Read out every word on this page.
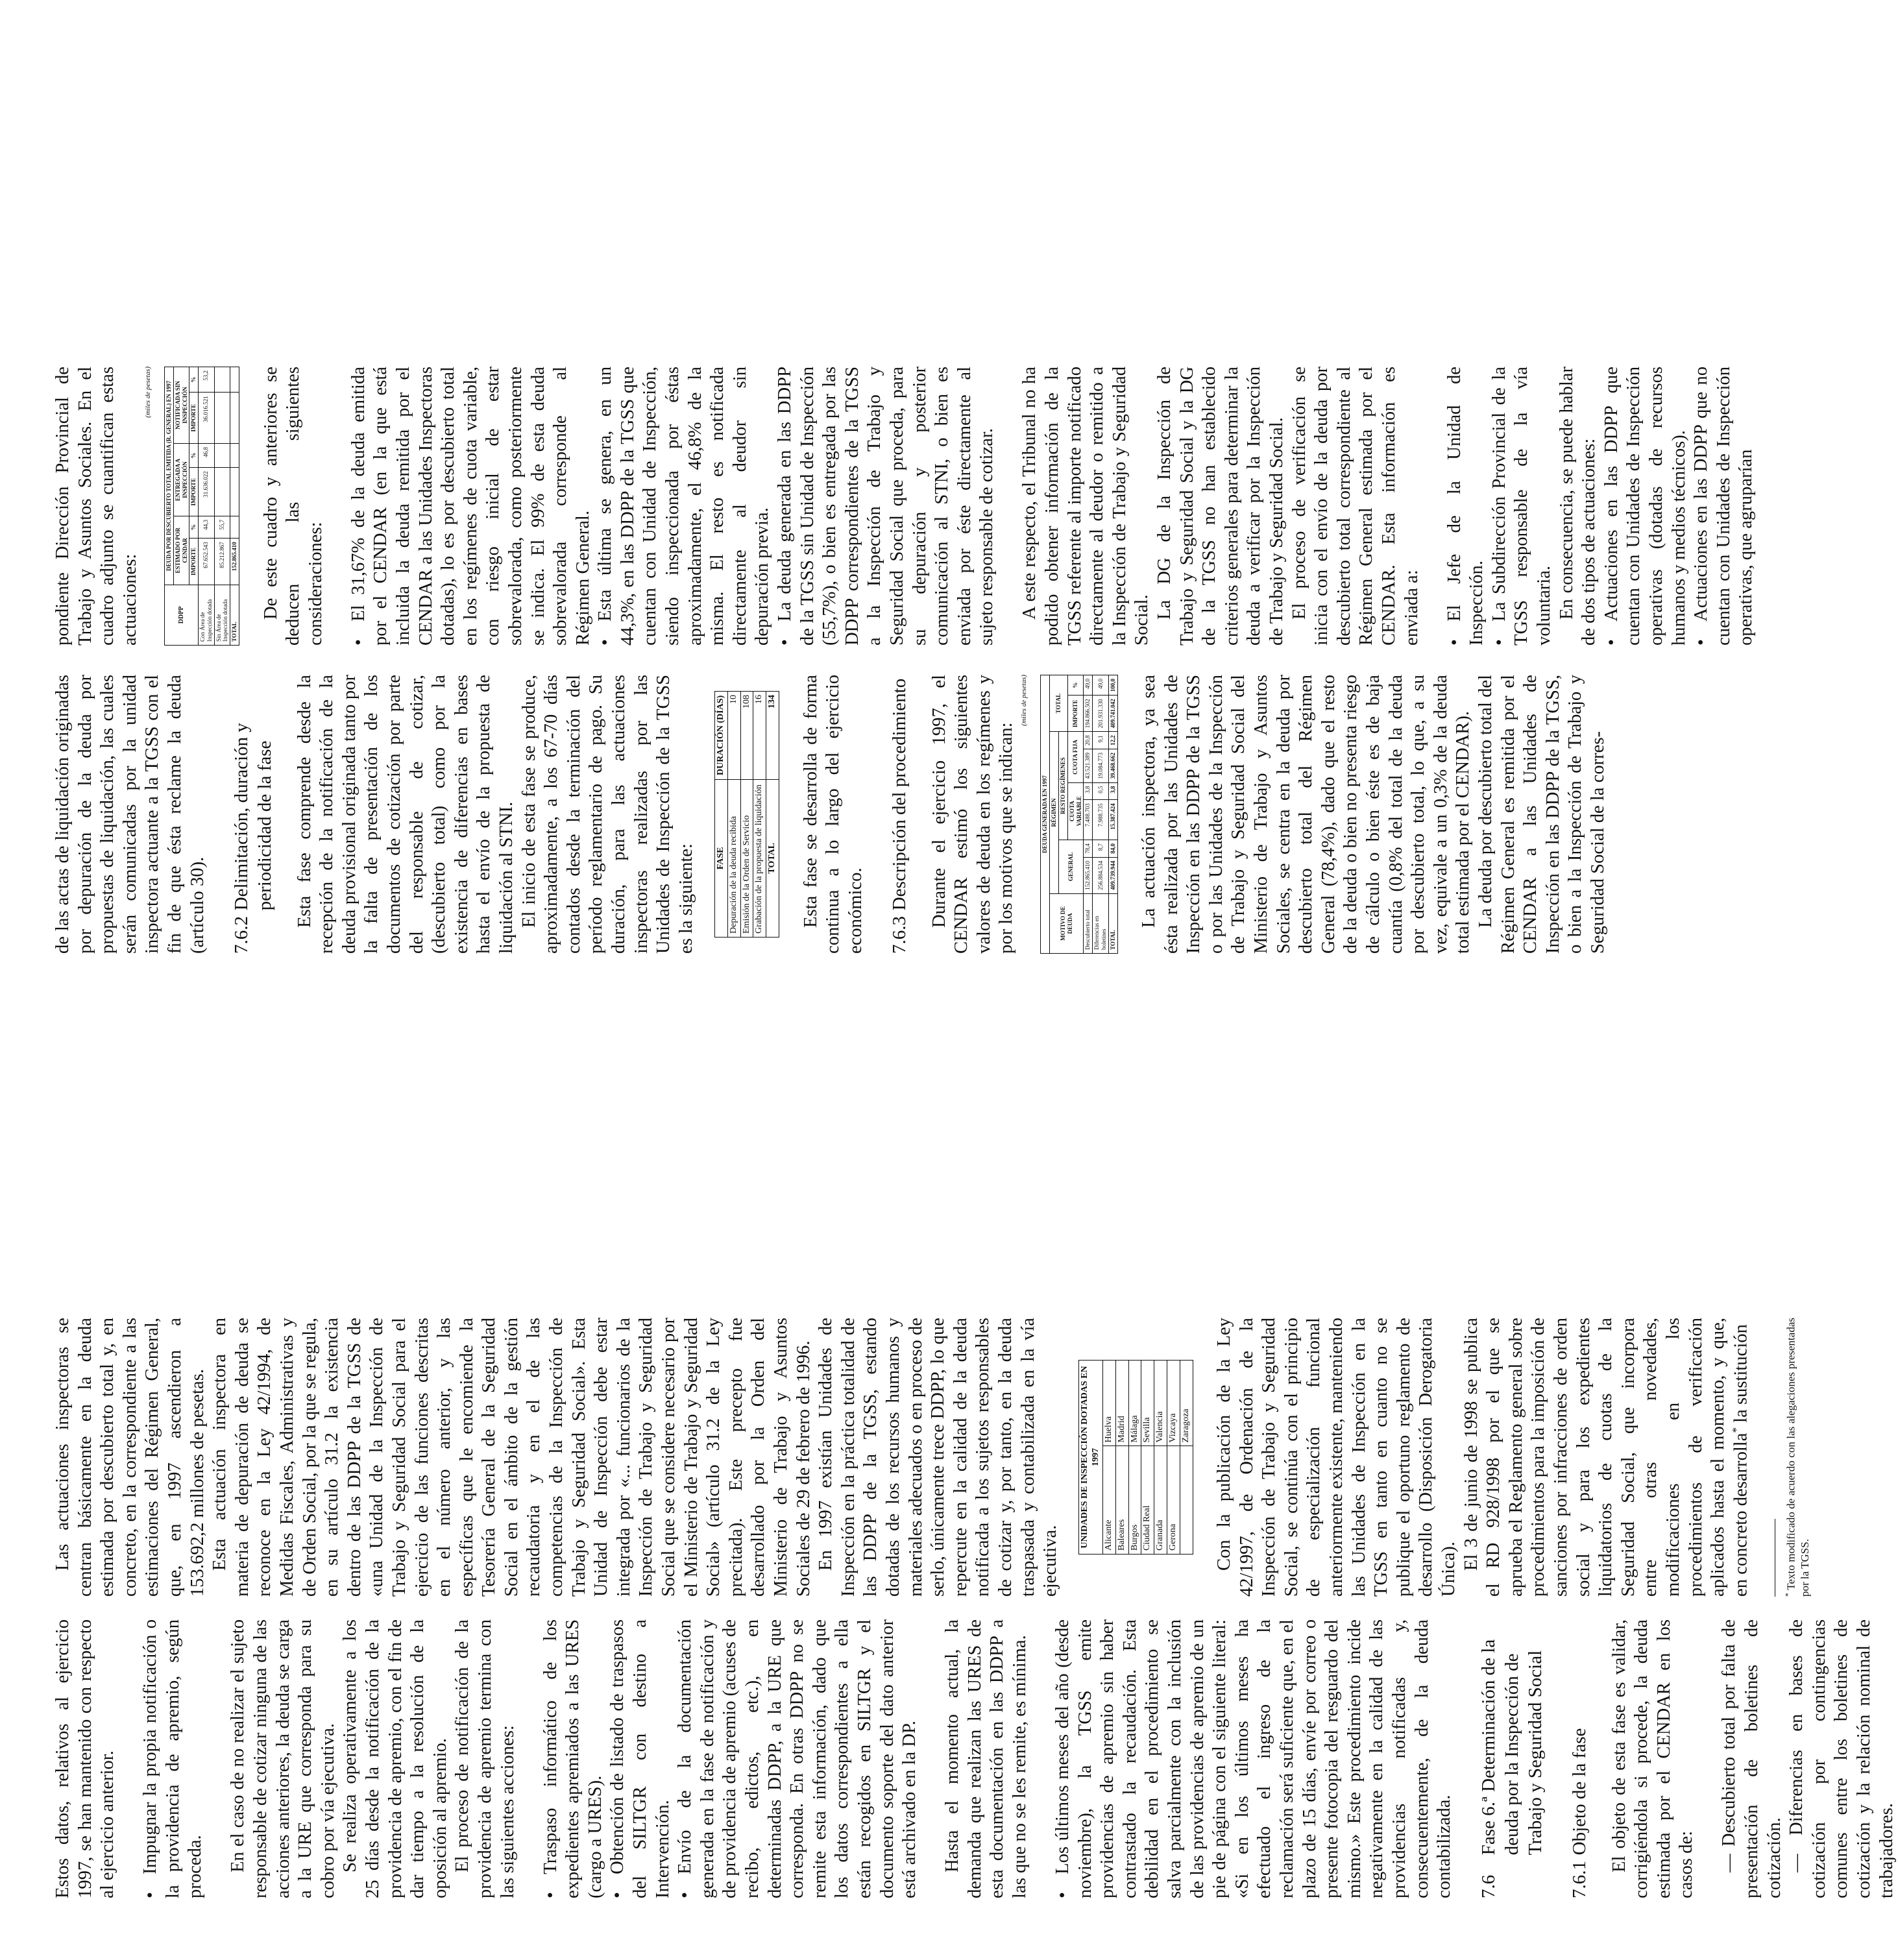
Estos datos, relativos al ejercicio 1997, se han mantenido con respecto al ejercicio anterior. •Impugnar la propia notificación o la providencia de apremio, según proceda. En el caso de no realizar el sujeto responsable de cotizar ninguna de las acciones anteriores, la deuda se carga a la URE que corresponda para su cobro por vía ejecutiva. Se realiza operativamente a los 25 días desde la notificación de la providencia de apremio, con el fin de dar tiempo a la resolución de la oposición al apremio. El proceso de notificación de la providencia de apremio termina con las siguientes acciones: •Traspaso informático de los expedientes apremiados a las URES (cargo a URES). •Obtención de listado de traspasos del SILTGR con destino a Intervención. •Envío de la documentación generada en la fase de notificación y de providencia de apremio (acuses de recibo, edictos, etc.), en determinadas DDPP, a la URE que corresponda. En otras DDPP no se remite esta información, dado que los datos correspondientes a ella están recogidos en SILTGR y el documento soporte del dato anterior está archivado en la DP. Hasta el momento actual, la demanda que realizan las URES de esta documentación en las DDPP a las que no se les remite, es mínima. •Los últimos meses del año (desde noviembre), la TGSS emite providencias de apremio sin haber contrastado la recaudación. Esta debilidad en el procedimiento se salva parcialmente con la inclusión de las providencias de apremio de un pie de página con el siguiente literal: «Si en los últimos meses ha efectuado el ingreso de la reclamación será suficiente que, en el plazo de 15 días, envíe por correo o presente fotocopia del resguardo del mismo.» Este procedimiento incide negativamente en la calidad de las providencias notificadas y, consecuentemente, de la deuda contabilizada. 7.6
Fase 6.ª Determinación de la deuda por la Inspección de Trabajo y Seguridad Social
7.6.1
Objeto de la fase El objeto de esta fase es validar, corrigiéndola si procede, la deuda estimada por el CENDAR en los casos de: — Descubierto total por falta de presentación de boletines de cotización. — Diferencias en bases de cotización por contingencias comunes entre los boletines de cotización y la relación nominal de trabajadores.

Las actuaciones inspectoras se centran básicamente en la deuda estimada por descubierto total y, en concreto, en la correspondiente a las estimaciones del Régimen General, que, en 1997 ascendieron a 153.692,2 millones de pesetas. Esta actuación inspectora en materia de depuración de deuda se reconoce en la Ley 42/1994, de Medidas Fiscales, Administrativas y de Orden Social, por la que se regula, en su artículo 31.2 la existencia dentro de las DDPP de la TGSS de «una Unidad de la Inspección de Trabajo y Seguridad Social para el ejercicio de las funciones descritas en el número anterior, y las específicas que le encomiende la Tesorería General de la Seguridad Social en el ámbito de la gestión recaudatoria y en el de las competencias de la Inspección de Trabajo y Seguridad Social». Esta Unidad de Inspección debe estar integrada por «... funcionarios de la Inspección de Trabajo y Seguridad Social que se considere necesario por el Ministerio de Trabajo y Seguridad Social» (artículo 31.2 de la Ley precitada). Este precepto fue desarrollado por la Orden del Ministerio de Trabajo y Asuntos Sociales de 29 de febrero de 1996. En 1997 existían Unidades de Inspección en la práctica totalidad de las DDPP de la TGSS, estando dotadas de los recursos humanos y materiales adecuados o en proceso de serlo, únicamente trece DDPP, lo que repercute en la calidad de la deuda notificada a los sujetos responsables de cotizar y, por tanto, en la deuda traspasada y contabilizada en la vía ejecutiva.

UNIDADES DE INSPECCIÓN DOTADAS EN 1997	
Alicante	Huelva
Baleares	Madrid
Burgos	Málaga
Ciudad Real	Sevilla
Granada	Valencia
Gerona	Vizcaya
	Zaragoza Con la publicación de la Ley 42/1997, de Ordenación de la Inspección de Trabajo y Seguridad Social, se continúa con el principio de especialización funcional anteriormente existente, manteniendo las Unidades de Inspección en la TGSS en tanto en cuanto no se publique el oportuno reglamento de desarrollo (Disposición Derogatoria Única). El 3 de junio de 1998 se publica el RD 928/1998 por el que se aprueba el Reglamento general sobre procedimientos para la imposición de sanciones por infracciones de orden social y para los expedientes liquidatorios de cuotas de la Seguridad Social, que incorpora entre otras novedades, modificaciones en los procedimientos de verificación aplicados hasta el momento, y que, en concreto desarrolla* la sustitución

* Texto modificado de acuerdo con las alegaciones presentadas por la TGSS.

de las actas de liquidación originadas por depuración de la deuda por propuestas de liquidación, las cuales serán comunicadas por la unidad inspectora actuante a la TGSS con el fin de que ésta reclame la deuda (artículo 30). 7.6.2
Delimitación, duración y periodicidad de la fase Esta fase comprende desde la recepción de la notificación de la deuda provisional originada tanto por la falta de presentación de los documentos de cotización por parte del responsable de cotizar, (descubierto total) como por la existencia de diferencias en bases hasta el envío de la propuesta de liquidación al STNI. El inicio de esta fase se produce, aproximadamente, a los 67-70 días contados desde la terminación del período reglamentario de pago. Su duración, para las actuaciones inspectoras realizadas por las Unidades de Inspección de la TGSS es la siguiente: FASE	DURACIÓN (DÍAS)
Depuración de la deuda recibida	10
Emisión de la Orden de Servicio	108
Grabación de la propuesta de liquidación	16
TOTAL	134 Esta fase se desarrolla de forma continua a lo largo del ejercicio económico. 7.6.3
Descripción del procedimiento Durante el ejercicio 1997, el CENDAR estimó los siguientes valores de deuda en los regímenes y por los motivos que se indican:

(miles de pesetas)
DEUDA GENERADA EN 1997								
MOTIVO DE DEUDA	RÉGIMEN						TOTAL	
	GENERAL		RESTO REGÍMENES					
			CUOTA VARIABLE		CUOTA FIJA		IMPORTE	%
Descubierto total	152.865.410	78,4	7.488.703	3,8	43.521.389	20,8	194.866.502	49,0
Diferencias en boletines	256.884.534	8,7	7.988.735	0,5	19.084.773	9,1	201.931.330	49,0
TOTAL	409.739.944	84,0	15.387.424	3,8	39.468.662	12,2	409.741.042	100,0 La actuación inspectora, ya sea ésta realizada por las Unidades de Inspección en las DDPP de la TGSS o por las Unidades de la Inspección de Trabajo y Seguridad Social del Ministerio de Trabajo y Asuntos Sociales, se centra en la deuda por descubierto total del Régimen General (78,4%), dado que el resto de la deuda o bien no presenta riesgo de cálculo o bien éste es de baja cuantía (0,8% del total de la deuda por descubierto total, lo que, a su vez, equivale a un 0,3% de la deuda total estimada por el CENDAR). La deuda por descubierto total del Régimen General es remitida por el CENDAR a las Unidades de Inspección en las DDPP de la TGSS, o bien a la Inspección de Trabajo y Seguridad Social de la corres-

pondiente Dirección Provincial de Trabajo y Asuntos Sociales. En el cuadro adjunto se cuantifican estas actuaciones:

(miles de pesetas)
DDPP	DEUDA POR DESCUBIERTO TOTAL EMITIDA (R. GENERAL) EN 1997					
	ESTIMADO POR CENDAR		ENTREGADA A INSPECCIÓN		NOTIFICADA SIN INSPECCIÓN	
	IMPORTE	%	IMPORTE	%	IMPORTE	%
Con Área de Inspección dotada	67.652.543	44,3	31.636.022	46,8	36.016.521	53,2
Sin Área de Inspección dotada	85.212.867	55,7				
TOTAL	152.865.410					De este cuadro y anteriores se deducen las siguientes consideraciones: •El 31,67% de la deuda emitida por el CENDAR (en la que está incluida la deuda remitida por el CENDAR a las Unidades Inspectoras dotadas), lo es por descubierto total en los regímenes de cuota variable, con riesgo inicial de estar sobrevalorada, como posteriormente se indica. El 99% de esta deuda sobrevalorada corresponde al Régimen General. •Esta última se genera, en un 44,3%, en las DDPP de la TGSS que cuentan con Unidad de Inspección, siendo inspeccionada por éstas aproximadamente, el 46,8% de la misma. El resto es notificada directamente al deudor sin depuración previa. •La deuda generada en las DDPP de la TGSS sin Unidad de Inspección (55,7%), o bien es entregada por las DDPP correspondientes de la TGSS a la Inspección de Trabajo y Seguridad Social que proceda, para su depuración y posterior comunicación al STNI, o bien es enviada por éste directamente al sujeto responsable de cotizar. A este respecto, el Tribunal no ha podido obtener información de la TGSS referente al importe notificado directamente al deudor o remitido a la Inspección de Trabajo y Seguridad Social.

La DG de la Inspección de Trabajo y Seguridad Social y la DG de la TGSS no han establecido criterios generales para determinar la deuda a verificar por la Inspección de Trabajo y Seguridad Social. El proceso de verificación se inicia con el envío de la deuda por descubierto total correspondiente al Régimen General estimada por el CENDAR. Esta información es enviada a: •El Jefe de la Unidad de Inspección. •La Subdirección Provincial de la TGSS responsable de la vía voluntaria. En consecuencia, se puede hablar de dos tipos de actuaciones: •Actuaciones en las DDPP que cuentan con Unidades de Inspección operativas (dotadas de recursos humanos y medios técnicos). •Actuaciones en las DDPP que no cuentan con Unidades de Inspección operativas, que agruparían
